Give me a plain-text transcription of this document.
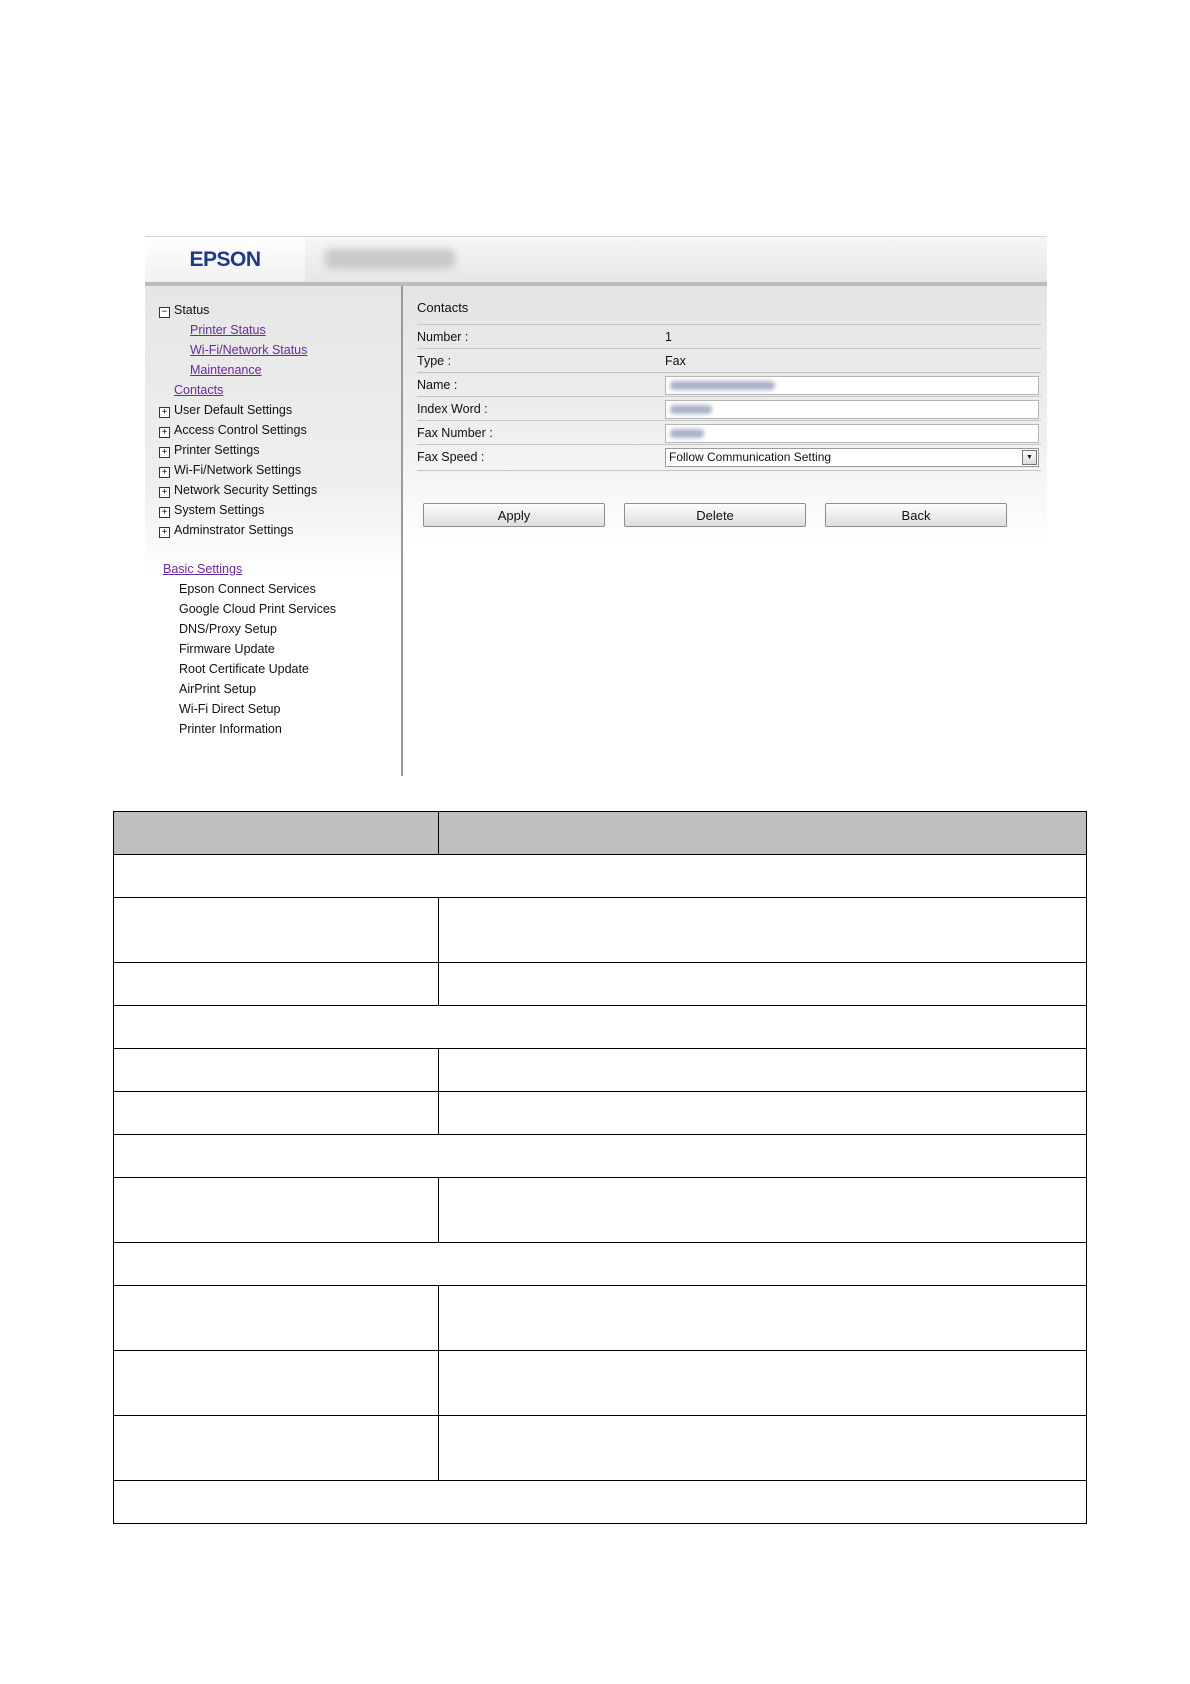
EPSON
− Status
Printer Status
Wi-Fi/Network Status
Maintenance
Contacts
+ User Default Settings
+ Access Control Settings
+ Printer Settings
+ Wi-Fi/Network Settings
+ Network Security Settings
+ System Settings
+ Adminstrator Settings
Basic Settings
Epson Connect Services
Google Cloud Print Services
DNS/Proxy Setup
Firmware Update
Root Certificate Update
AirPrint Setup
Wi-Fi Direct Setup
Printer Information
Contacts
Number :	1
Type :	Fax
Name :
Index Word :
Fax Number :
Fax Speed :	Follow Communication Setting	▼
Apply	Delete	Back
